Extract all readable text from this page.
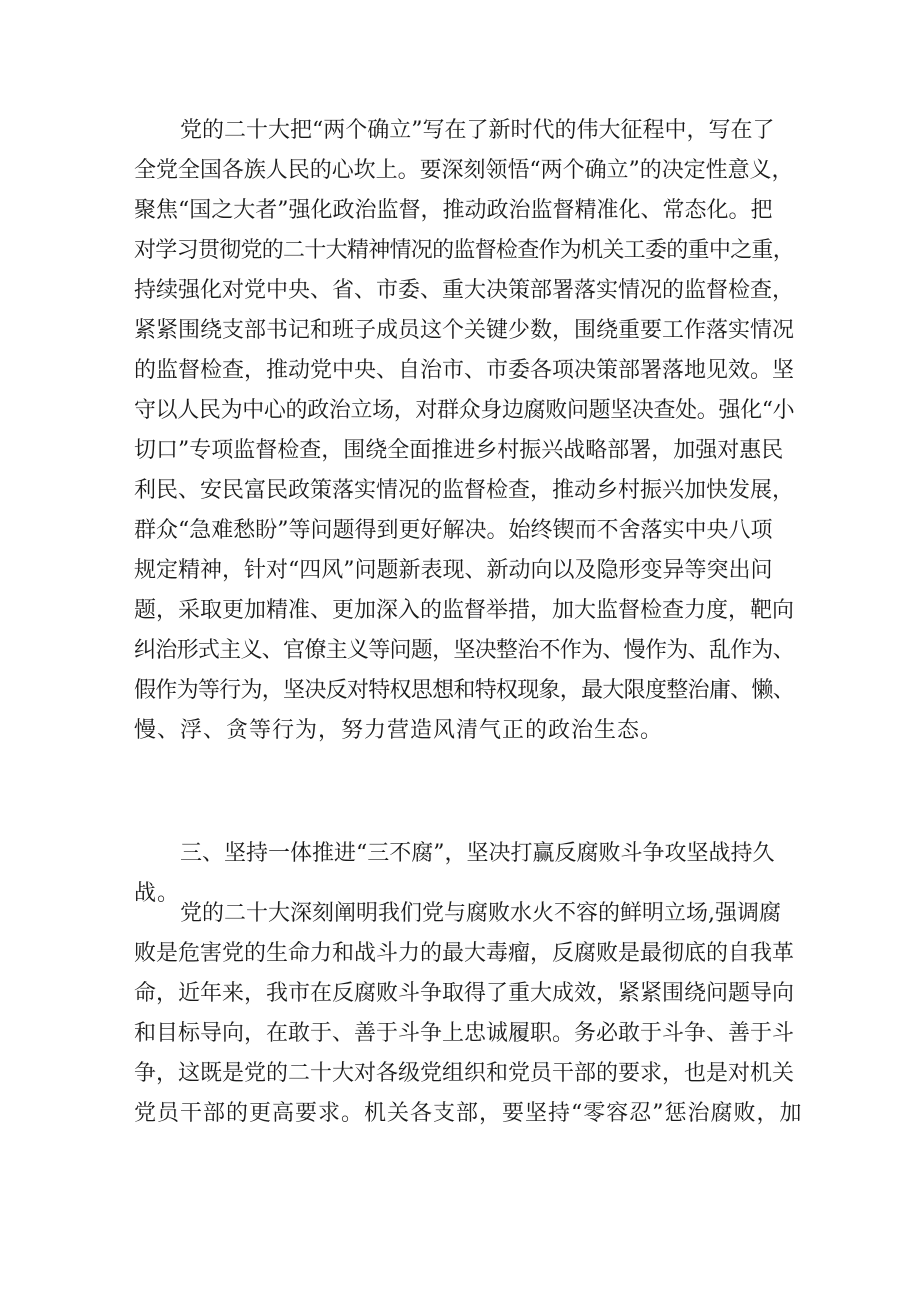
党的二十大把“两个确立”写在了新时代的伟大征程中，写在了
全党全国各族人民的心坎上。要深刻领悟“两个确立”的决定性意义，
聚焦“国之大者”强化政治监督，推动政治监督精准化、常态化。把
对学习贯彻党的二十大精神情况的监督检查作为机关工委的重中之重，
持续强化对党中央、省、市委、重大决策部署落实情况的监督检查，
紧紧围绕支部书记和班子成员这个关键少数，围绕重要工作落实情况
的监督检查，推动党中央、自治市、市委各项决策部署落地见效。坚
守以人民为中心的政治立场，对群众身边腐败问题坚决查处。强化“小
切口”专项监督检查，围绕全面推进乡村振兴战略部署，加强对惠民
利民、安民富民政策落实情况的监督检查，推动乡村振兴加快发展，
群众“急难愁盼”等问题得到更好解决。始终锲而不舍落实中央八项
规定精神，针对“四风”问题新表现、新动向以及隐形变异等突出问
题，采取更加精准、更加深入的监督举措，加大监督检查力度，靶向
纠治形式主义、官僚主义等问题，坚决整治不作为、慢作为、乱作为、
假作为等行为，坚决反对特权思想和特权现象，最大限度整治庸、懒、
慢、浮、贪等行为，努力营造风清气正的政治生态。
三、坚持一体推进“三不腐”，坚决打赢反腐败斗争攻坚战持久
战。
党的二十大深刻阐明我们党与腐败水火不容的鲜明立场,强调腐
败是危害党的生命力和战斗力的最大毒瘤，反腐败是最彻底的自我革
命，近年来，我市在反腐败斗争取得了重大成效，紧紧围绕问题导向
和目标导向，在敢于、善于斗争上忠诚履职。务必敢于斗争、善于斗
争，这既是党的二十大对各级党组织和党员干部的要求，也是对机关
党员干部的更高要求。机关各支部，要坚持“零容忍”惩治腐败，加
